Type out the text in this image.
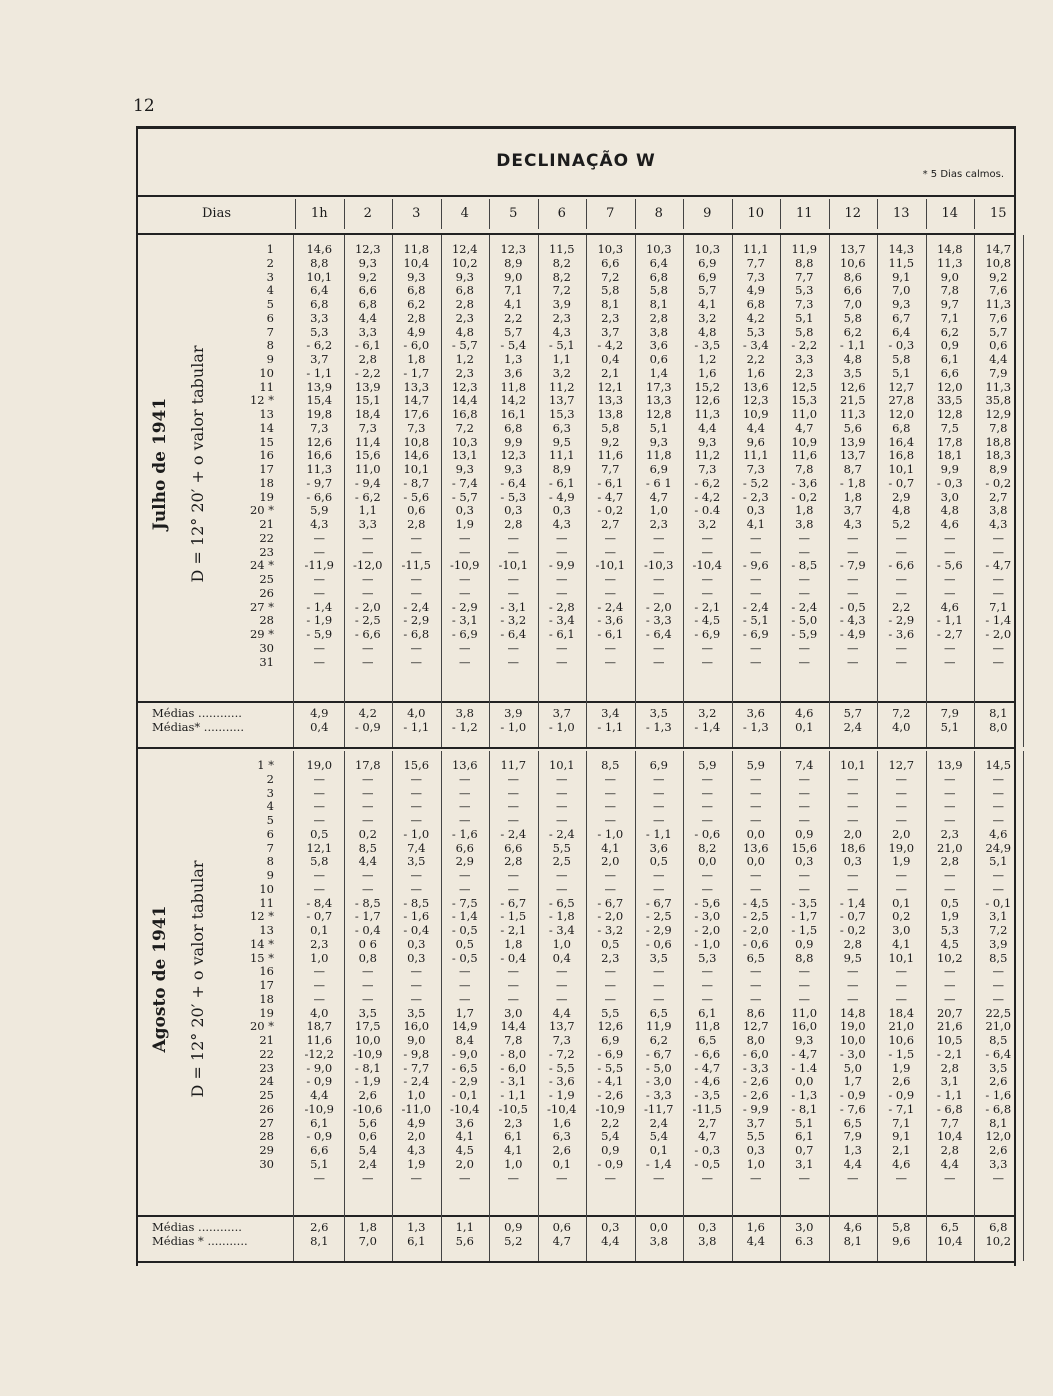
12
DECLINAÇÃO W
* 5 Dias calmos.
Dias	1h	2	3	4	5	6	7	8	9	10	11	12	13	14	15
Julho de 1941 D = 12° 20′ + o valor tabular
1	14,6	12,3	11,8	12,4	12,3	11,5	10,3	10,3	10,3	11,1	11,9	13,7	14,3	14,8	14,7
2	8,8	9,3	10,4	10,2	8,9	8,2	6,6	6,4	6,9	7,7	8,8	10,6	11,5	11,3	10,8
3	10,1	9,2	9,3	9,3	9,0	8,2	7,2	6,8	6,9	7,3	7,7	8,6	9,1	9,0	9,2
4	6,4	6,6	6,8	6,8	7,1	7,2	5,8	5,8	5,7	4,9	5,3	6,6	7,0	7,8	7,6
5	6,8	6,8	6,2	2,8	4,1	3,9	8,1	8,1	4,1	6,8	7,3	7,0	9,3	9,7	11,3
6	3,3	4,4	2,8	2,3	2,2	2,3	2,3	2,8	3,2	4,2	5,1	5,8	6,7	7,1	7,6
7	5,3	3,3	4,9	4,8	5,7	4,3	3,7	3,8	4,8	5,3	5,8	6,2	6,4	6,2	5,7
8	- 6,2	- 6,1	- 6,0	- 5,7	- 5,4	- 5,1	- 4,2	3,6	- 3,5	- 3,4	- 2,2	- 1,1	- 0,3	0,9	0,6
9	3,7	2,8	1,8	1,2	1,3	1,1	0,4	0,6	1,2	2,2	3,3	4,8	5,8	6,1	4,4
10	- 1,1	- 2,2	- 1,7	2,3	3,6	3,2	2,1	1,4	1,6	1,6	2,3	3,5	5,1	6,6	7,9
11	13,9	13,9	13,3	12,3	11,8	11,2	12,1	17,3	15,2	13,6	12,5	12,6	12,7	12,0	11,3
12 *	15,4	15,1	14,7	14,4	14,2	13,7	13,3	13,3	12,6	12,3	15,3	21,5	27,8	33,5	35,8
13	19,8	18,4	17,6	16,8	16,1	15,3	13,8	12,8	11,3	10,9	11,0	11,3	12,0	12,8	12,9
14	7,3	7,3	7,3	7,2	6,8	6,3	5,8	5,1	4,4	4,4	4,7	5,6	6,8	7,5	7,8
15	12,6	11,4	10,8	10,3	9,9	9,5	9,2	9,3	9,3	9,6	10,9	13,9	16,4	17,8	18,8
16	16,6	15,6	14,6	13,1	12,3	11,1	11,6	11,8	11,2	11,1	11,6	13,7	16,8	18,1	18,3
17	11,3	11,0	10,1	9,3	9,3	8,9	7,7	6,9	7,3	7,3	7,8	8,7	10,1	9,9	8,9
18	- 9,7	- 9,4	- 8,7	- 7,4	- 6,4	- 6,1	- 6,1	- 6 1	- 6,2	- 5,2	- 3,6	- 1,8	- 0,7	- 0,3	- 0,2
19	- 6,6	- 6,2	- 5,6	- 5,7	- 5,3	- 4,9	- 4,7	4,7	- 4,2	- 2,3	- 0,2	1,8	2,9	3,0	2,7
20 *	5,9	1,1	0,6	0,3	0,3	0,3	- 0,2	1,0	- 0.4	0,3	1,8	3,7	4,8	4,8	3,8
21	4,3	3,3	2,8	1,9	2,8	4,3	2,7	2,3	3,2	4,1	3,8	4,3	5,2	4,6	4,3
22	—	—	—	—	—	—	—	—	—	—	—	—	—	—	—
23	—	—	—	—	—	—	—	—	—	—	—	—	—	—	—
24 *	-11,9	-12,0	-11,5	-10,9	-10,1	- 9,9	-10,1	-10,3	-10,4	- 9,6	- 8,5	- 7,9	- 6,6	- 5,6	- 4,7
25	—	—	—	—	—	—	—	—	—	—	—	—	—	—	—
26	—	—	—	—	—	—	—	—	—	—	—	—	—	—	—
27 *	- 1,4	- 2,0	- 2,4	- 2,9	- 3,1	- 2,8	- 2,4	- 2,0	- 2,1	- 2,4	- 2,4	- 0,5	2,2	4,6	7,1
28	- 1,9	- 2,5	- 2,9	- 3,1	- 3,2	- 3,4	- 3,6	- 3,3	- 4,5	- 5,1	- 5,0	- 4,3	- 2,9	- 1,1	- 1,4
29 *	- 5,9	- 6,6	- 6,8	- 6,9	- 6,4	- 6,1	- 6,1	- 6,4	- 6,9	- 6,9	- 5,9	- 4,9	- 3,6	- 2,7	- 2,0
30	—	—	—	—	—	—	—	—	—	—	—	—	—	—	—
31	—	—	—	—	—	—	—	—	—	—	—	—	—	—	—
Médias ............	4,9	4,2	4,0	3,8	3,9	3,7	3,4	3,5	3,2	3,6	4,6	5,7	7,2	7,9	8,1
Médias* ...........	0,4	- 0,9	- 1,1	- 1,2	- 1,0	- 1,0	- 1,1	- 1,3	- 1,4	- 1,3	0,1	2,4	4,0	5,1	8,0
Agosto de 1941 D = 12° 20′ + o valor tabular
1 *	19,0	17,8	15,6	13,6	11,7	10,1	8,5	6,9	5,9	5,9	7,4	10,1	12,7	13,9	14,5
2	—	—	—	—	—	—	—	—	—	—	—	—	—	—	—
3	—	—	—	—	—	—	—	—	—	—	—	—	—	—	—
4	—	—	—	—	—	—	—	—	—	—	—	—	—	—	—
5	—	—	—	—	—	—	—	—	—	—	—	—	—	—	—
6	0,5	0,2	- 1,0	- 1,6	- 2,4	- 2,4	- 1,0	- 1,1	- 0,6	0,0	0,9	2,0	2,0	2,3	4,6
7	12,1	8,5	7,4	6,6	6,6	5,5	4,1	3,6	8,2	13,6	15,6	18,6	19,0	21,0	24,9
8	5,8	4,4	3,5	2,9	2,8	2,5	2,0	0,5	0,0	0,0	0,3	0,3	1,9	2,8	5,1
9	—	—	—	—	—	—	—	—	—	—	—	—	—	—	—
10	—	—	—	—	—	—	—	—	—	—	—	—	—	—	—
11	- 8,4	- 8,5	- 8,5	- 7,5	- 6,7	- 6,5	- 6,7	- 6,7	- 5,6	- 4,5	- 3,5	- 1,4	0,1	0,5	- 0,1
12 *	- 0,7	- 1,7	- 1,6	- 1,4	- 1,5	- 1,8	- 2,0	- 2,5	- 3,0	- 2,5	- 1,7	- 0,7	0,2	1,9	3,1
13	0,1	- 0,4	- 0,4	- 0,5	- 2,1	- 3,4	- 3,2	- 2,9	- 2,0	- 2,0	- 1,5	- 0,2	3,0	5,3	7,2
14 *	2,3	0 6	0,3	0,5	1,8	1,0	0,5	- 0,6	- 1,0	- 0,6	0,9	2,8	4,1	4,5	3,9
15 *	1,0	0,8	0,3	- 0,5	- 0,4	0,4	2,3	3,5	5,3	6,5	8,8	9,5	10,1	10,2	8,5
16	—	—	—	—	—	—	—	—	—	—	—	—	—	—	—
17	—	—	—	—	—	—	—	—	—	—	—	—	—	—	—
18	—	—	—	—	—	—	—	—	—	—	—	—	—	—	—
19	4,0	3,5	3,5	1,7	3,0	4,4	5,5	6,5	6,1	8,6	11,0	14,8	18,4	20,7	22,5
20 *	18,7	17,5	16,0	14,9	14,4	13,7	12,6	11,9	11,8	12,7	16,0	19,0	21,0	21,6	21,0
21	11,6	10,0	9,0	8,4	7,8	7,3	6,9	6,2	6,5	8,0	9,3	10,0	10,6	10,5	8,5
22	-12,2	-10,9	- 9,8	- 9,0	- 8,0	- 7,2	- 6,9	- 6,7	- 6,6	- 6,0	- 4,7	- 3,0	- 1,5	- 2,1	- 6,4
23	- 9,0	- 8,1	- 7,7	- 6,5	- 6,0	- 5,5	- 5,5	- 5,0	- 4,7	- 3,3	- 1.4	5,0	1,9	2,8	3,5
24	- 0,9	- 1,9	- 2,4	- 2,9	- 3,1	- 3,6	- 4,1	- 3,0	- 4,6	- 2,6	0,0	1,7	2,6	3,1	2,6
25	4,4	2,6	1,0	- 0,1	- 1,1	- 1,9	- 2,6	- 3,3	- 3,5	- 2,6	- 1,3	- 0,9	- 0,9	- 1,1	- 1,6
26	-10,9	-10,6	-11,0	-10,4	-10,5	-10,4	-10,9	-11,7	-11,5	- 9,9	- 8,1	- 7,6	- 7,1	- 6,8	- 6,8
27	6,1	5,6	4,9	3,6	2,3	1,6	2,2	2,4	2,7	3,7	5,1	6,5	7,1	7,7	8,1
28	- 0,9	0,6	2,0	4,1	6,1	6,3	5,4	5,4	4,7	5,5	6,1	7,9	9,1	10,4	12,0
29	6,6	5,4	4,3	4,5	4,1	2,6	0,9	0,1	- 0,3	0,3	0,7	1,3	2,1	2,8	2,6
30	5,1	2,4	1,9	2,0	1,0	0,1	- 0,9	- 1,4	- 0,5	1,0	3,1	4,4	4,6	4,4	3,3
—	—	—	—	—	—	—	—	—	—	—	—	—	—	—
Médias ............	2,6	1,8	1,3	1,1	0,9	0,6	0,3	0,0	0,3	1,6	3,0	4,6	5,8	6,5	6,8
Médias * ...........	8,1	7,0	6,1	5,6	5,2	4,7	4,4	3,8	3,8	4,4	6.3	8,1	9,6	10,4	10,2
